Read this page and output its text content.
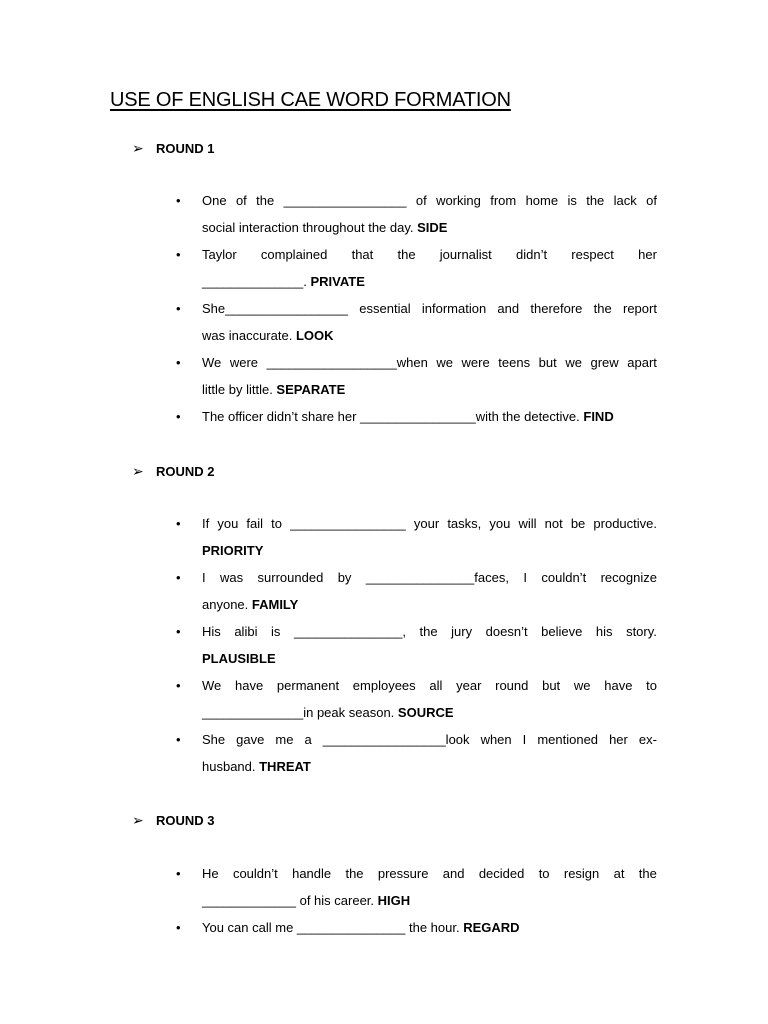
USE OF ENGLISH CAE WORD FORMATION
➢ ROUND 1
• One of the _________________ of working from home is the lack of
social interaction throughout the day. SIDE
• Taylor complained that the journalist didn’t respect her
______________. PRIVATE
• She_________________ essential information and therefore the report
was inaccurate. LOOK
• We were __________________when we were teens but we grew apart
little by little. SEPARATE
• The officer didn’t share her ________________with the detective. FIND
➢ ROUND 2
• If you fail to ________________ your tasks, you will not be productive.
PRIORITY
• I was surrounded by _______________faces, I couldn’t recognize
anyone. FAMILY
• His alibi is _______________, the jury doesn’t believe his story.
PLAUSIBLE
• We have permanent employees all year round but we have to
______________in peak season. SOURCE
• She gave me a _________________look when I mentioned her ex-
husband. THREAT
➢ ROUND 3
• He couldn’t handle the pressure and decided to resign at the
_____________ of his career. HIGH
• You can call me _______________ the hour. REGARD
